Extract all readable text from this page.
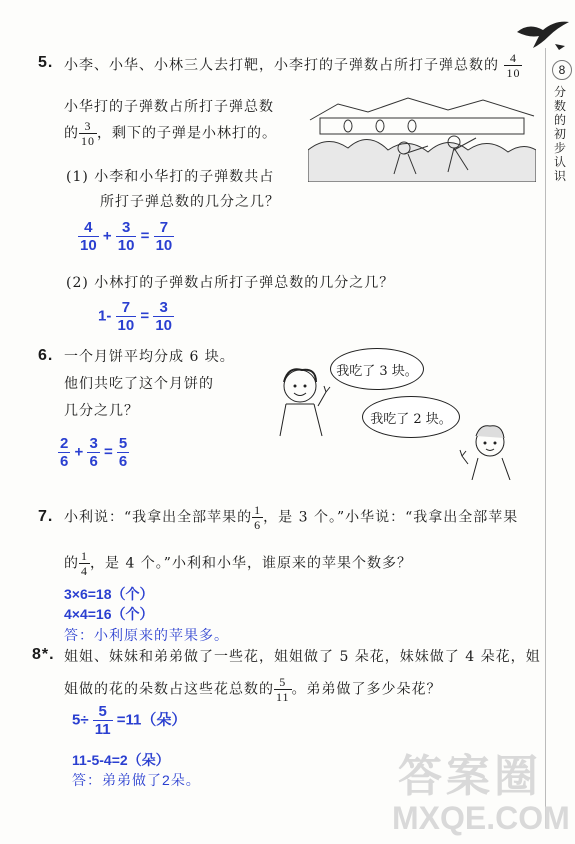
8
分数的初步认识
5. 小李、小华、小林三人去打靶，小李打的子弹数占所打子弹总数的 $\frac{4}{10}$
小华打的子弹数占所打子弹总数
的 $\frac{3}{10}$ ，剩下的子弹是小林打的。
(1) 小李和小华打的子弹数共占
所打子弹总数的几分之几？
$\frac{4}{10} + \frac{3}{10} = \frac{7}{10}$
(2) 小林打的子弹数占所打子弹总数的几分之几？
$1- \frac{7}{10} = \frac{3}{10}$
6. 一个月饼平均分成 6 块。
他们共吃了这个月饼的
几分之几？
我吃了 3 块。
我吃了 2 块。
$\frac{2}{6} + \frac{3}{6} = \frac{5}{6}$
7. 小利说：“我拿出全部苹果的 $\frac{1}{6}$ ，是 3 个。”小华说：“我拿出全部苹果
的 $\frac{1}{4}$ ，是 4 个。”小利和小华，谁原来的苹果个数多？
3×6=18（个）
4×4=16（个）
答：小利原来的苹果多。
8*. 姐姐、妹妹和弟弟做了一些花，姐姐做了 5 朵花，妹妹做了 4 朵花，姐
姐做的花的朵数占这些花总数的 $\frac{5}{11}$ 。弟弟做了多少朵花？
$5\div \frac{5}{11} =11$（朵）
11-5-4=2（朵）
答：弟弟做了2朵。	答案圈
MXQE.COM
